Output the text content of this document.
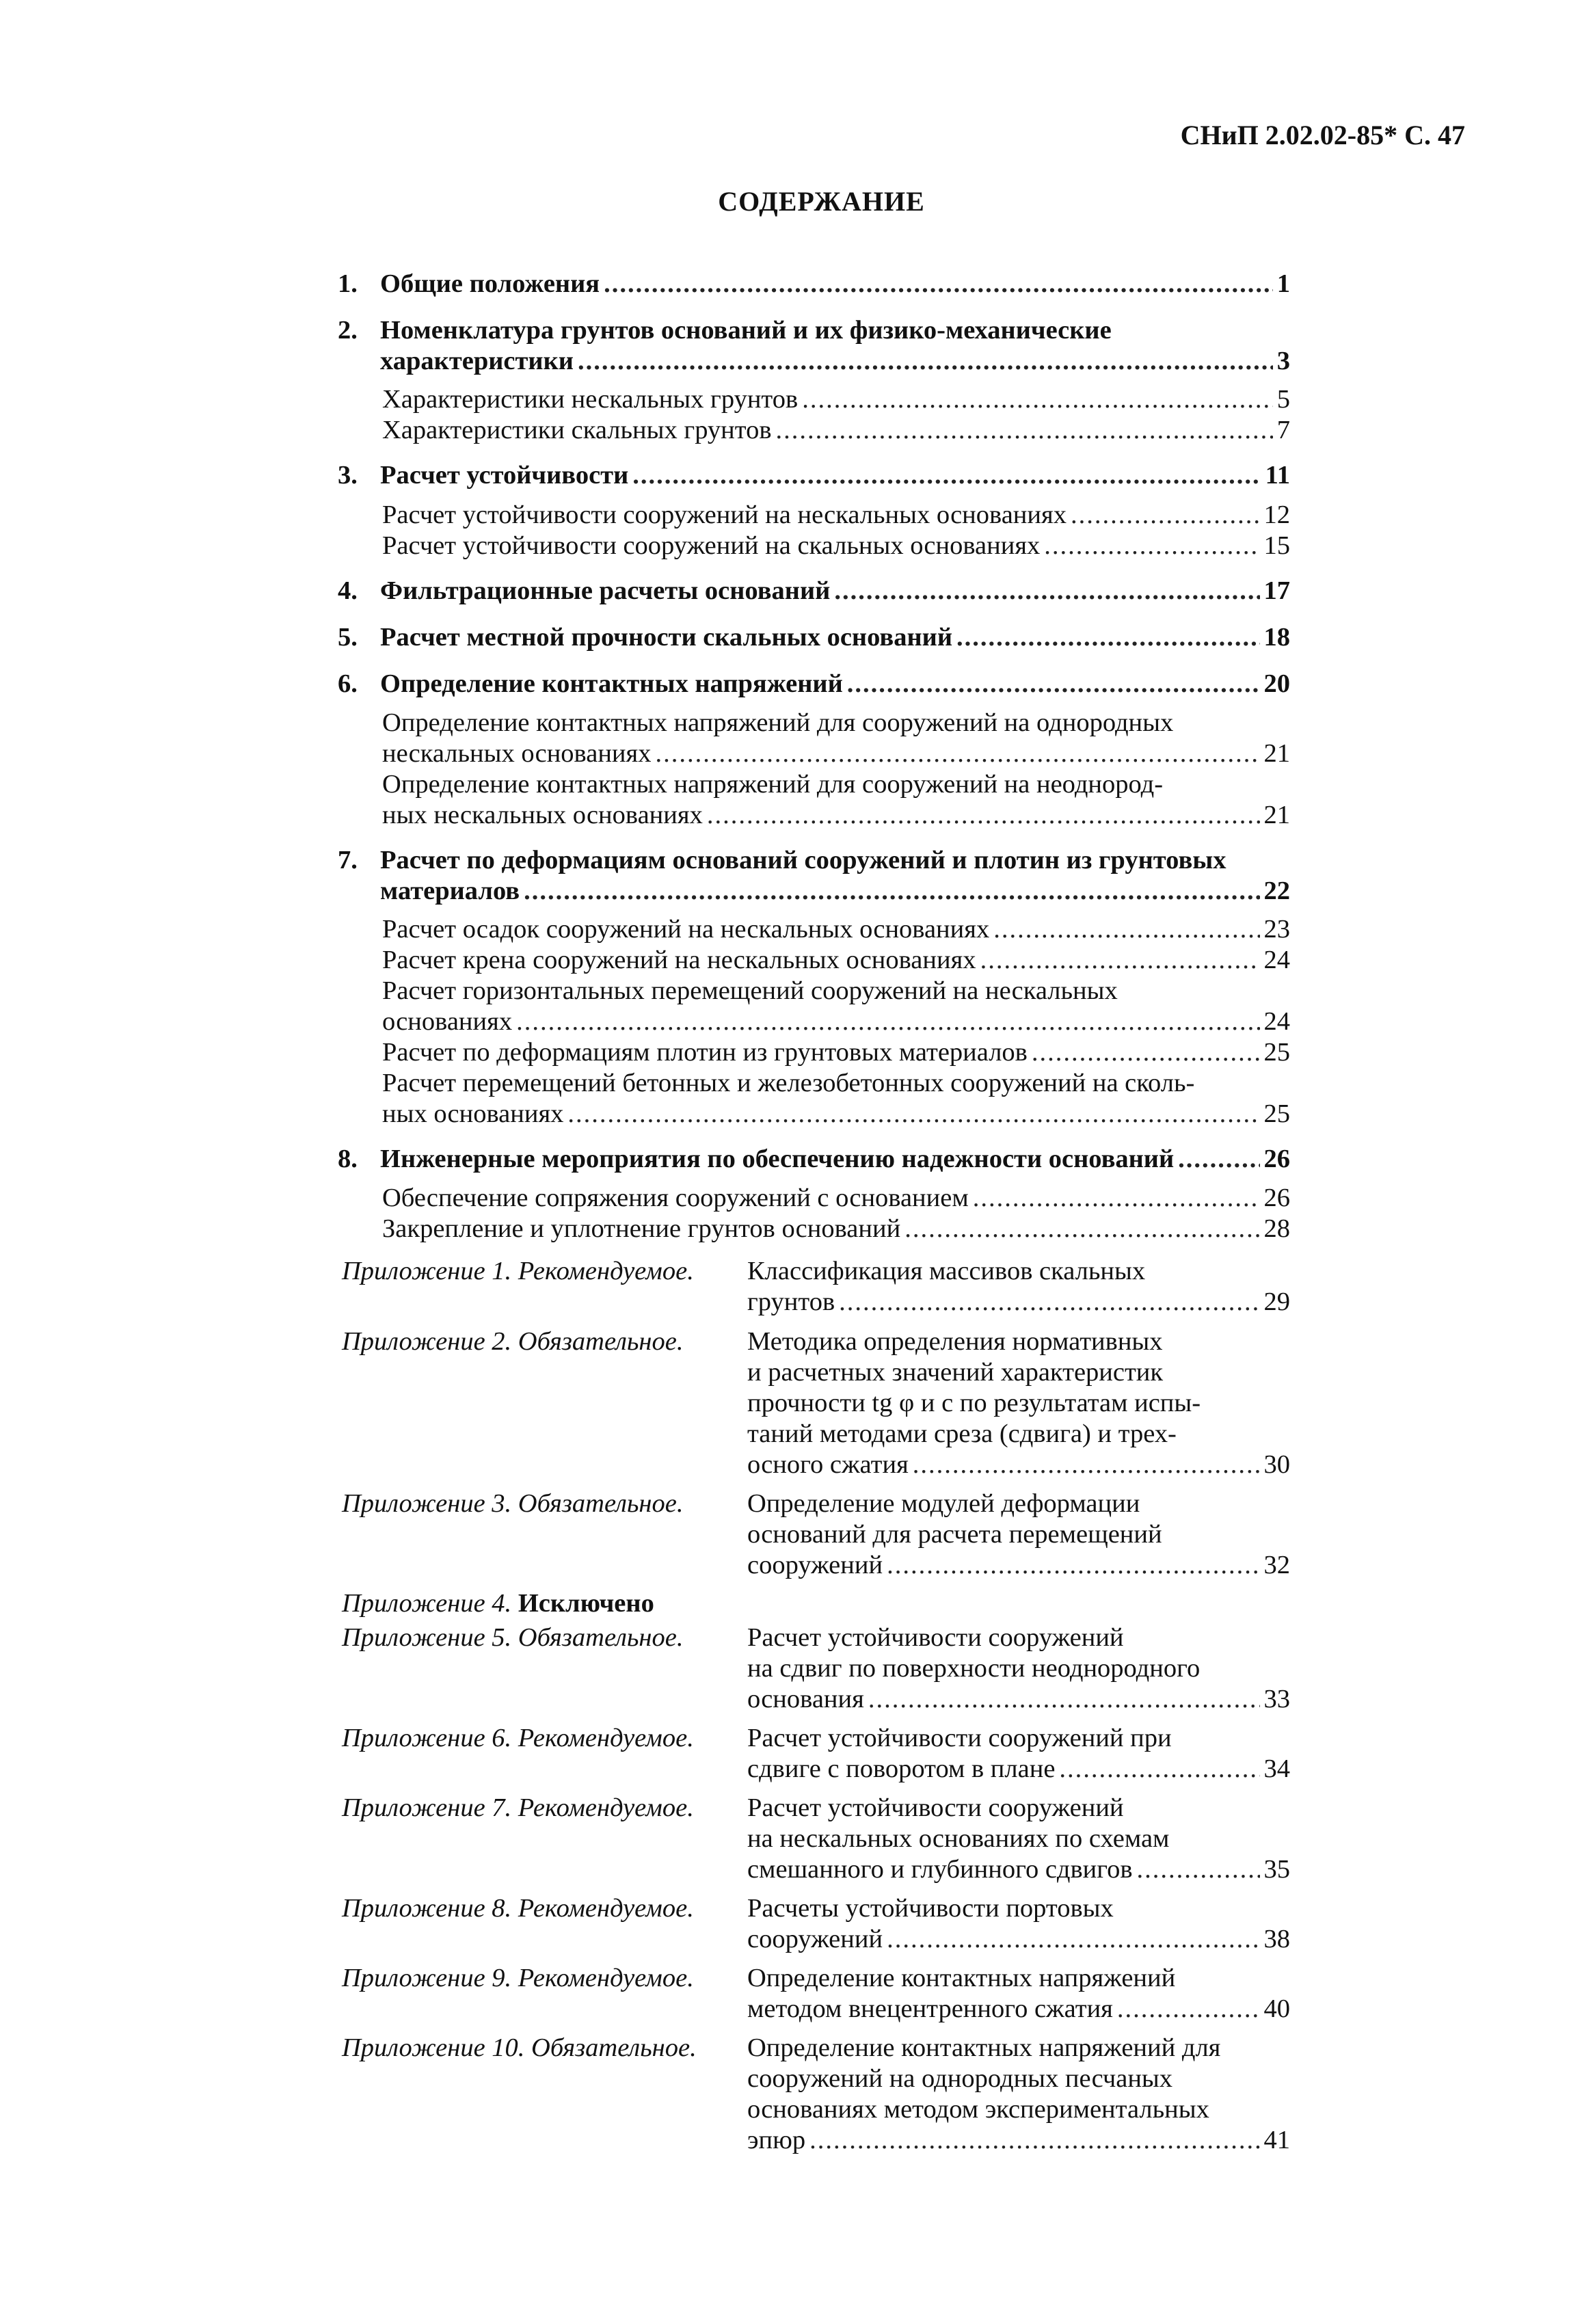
СНиП 2.02.02-85* С. 47
СОДЕРЖАНИЕ
1. Общие положения .....	1
2. Номенклатура грунтов оснований и их физико-механические
характеристики .....	3
Характеристики нескальных грунтов .....	5
Характеристики скальных грунтов .....	7
3. Расчет устойчивости .....	11
Расчет устойчивости сооружений на нескальных основаниях .....	12
Расчет устойчивости сооружений на скальных основаниях .....	15
4. Фильтрационные расчеты оснований .....	17
5. Расчет местной прочности скальных оснований .....	18
6. Определение контактных напряжений .....	20
Определение контактных напряжений для сооружений на однородных
нескальных основаниях .....	21
Определение контактных напряжений для сооружений на неоднород-
ных нескальных основаниях .....	21
7. Расчет по деформациям оснований сооружений и плотин из грунтовых
материалов .....	22
Расчет осадок сооружений на нескальных основаниях .....	23
Расчет крена сооружений на нескальных основаниях .....	24
Расчет горизонтальных перемещений сооружений на нескальных
основаниях .....	24
Расчет по деформациям плотин из грунтовых материалов .....	25
Расчет перемещений бетонных и железобетонных сооружений на сколь-
ных основаниях .....	25
8. Инженерные мероприятия по обеспечению надежности оснований .....	26
Обеспечение сопряжения сооружений с основанием .....	26
Закрепление и уплотнение грунтов оснований .....	28
Приложение 1. Рекомендуемое. Классификация массивов скальных
грунтов .....	29
Приложение 2. Обязательное. Методика определения нормативных
и расчетных значений характеристик
прочности tg φ и c по результатам испы-
таний методами среза (сдвига) и трех-
осного сжатия .....	30
Приложение 3. Обязательное. Определение модулей деформации
оснований для расчета перемещений
сооружений .....	32
Приложение 4. Исключено
Приложение 5. Обязательное. Расчет устойчивости сооружений
на сдвиг по поверхности неоднородного
основания .....	33
Приложение 6. Рекомендуемое. Расчет устойчивости сооружений при
сдвиге с поворотом в плане .....	34
Приложение 7. Рекомендуемое. Расчет устойчивости сооружений
на нескальных основаниях по схемам
смешанного и глубинного сдвигов .....	35
Приложение 8. Рекомендуемое. Расчеты устойчивости портовых
сооружений .....	38
Приложение 9. Рекомендуемое. Определение контактных напряжений
методом внецентренного сжатия .....	40
Приложение 10. Обязательное. Определение контактных напряжений для
сооружений на однородных песчаных
основаниях методом экспериментальных
эпюр .....	41
